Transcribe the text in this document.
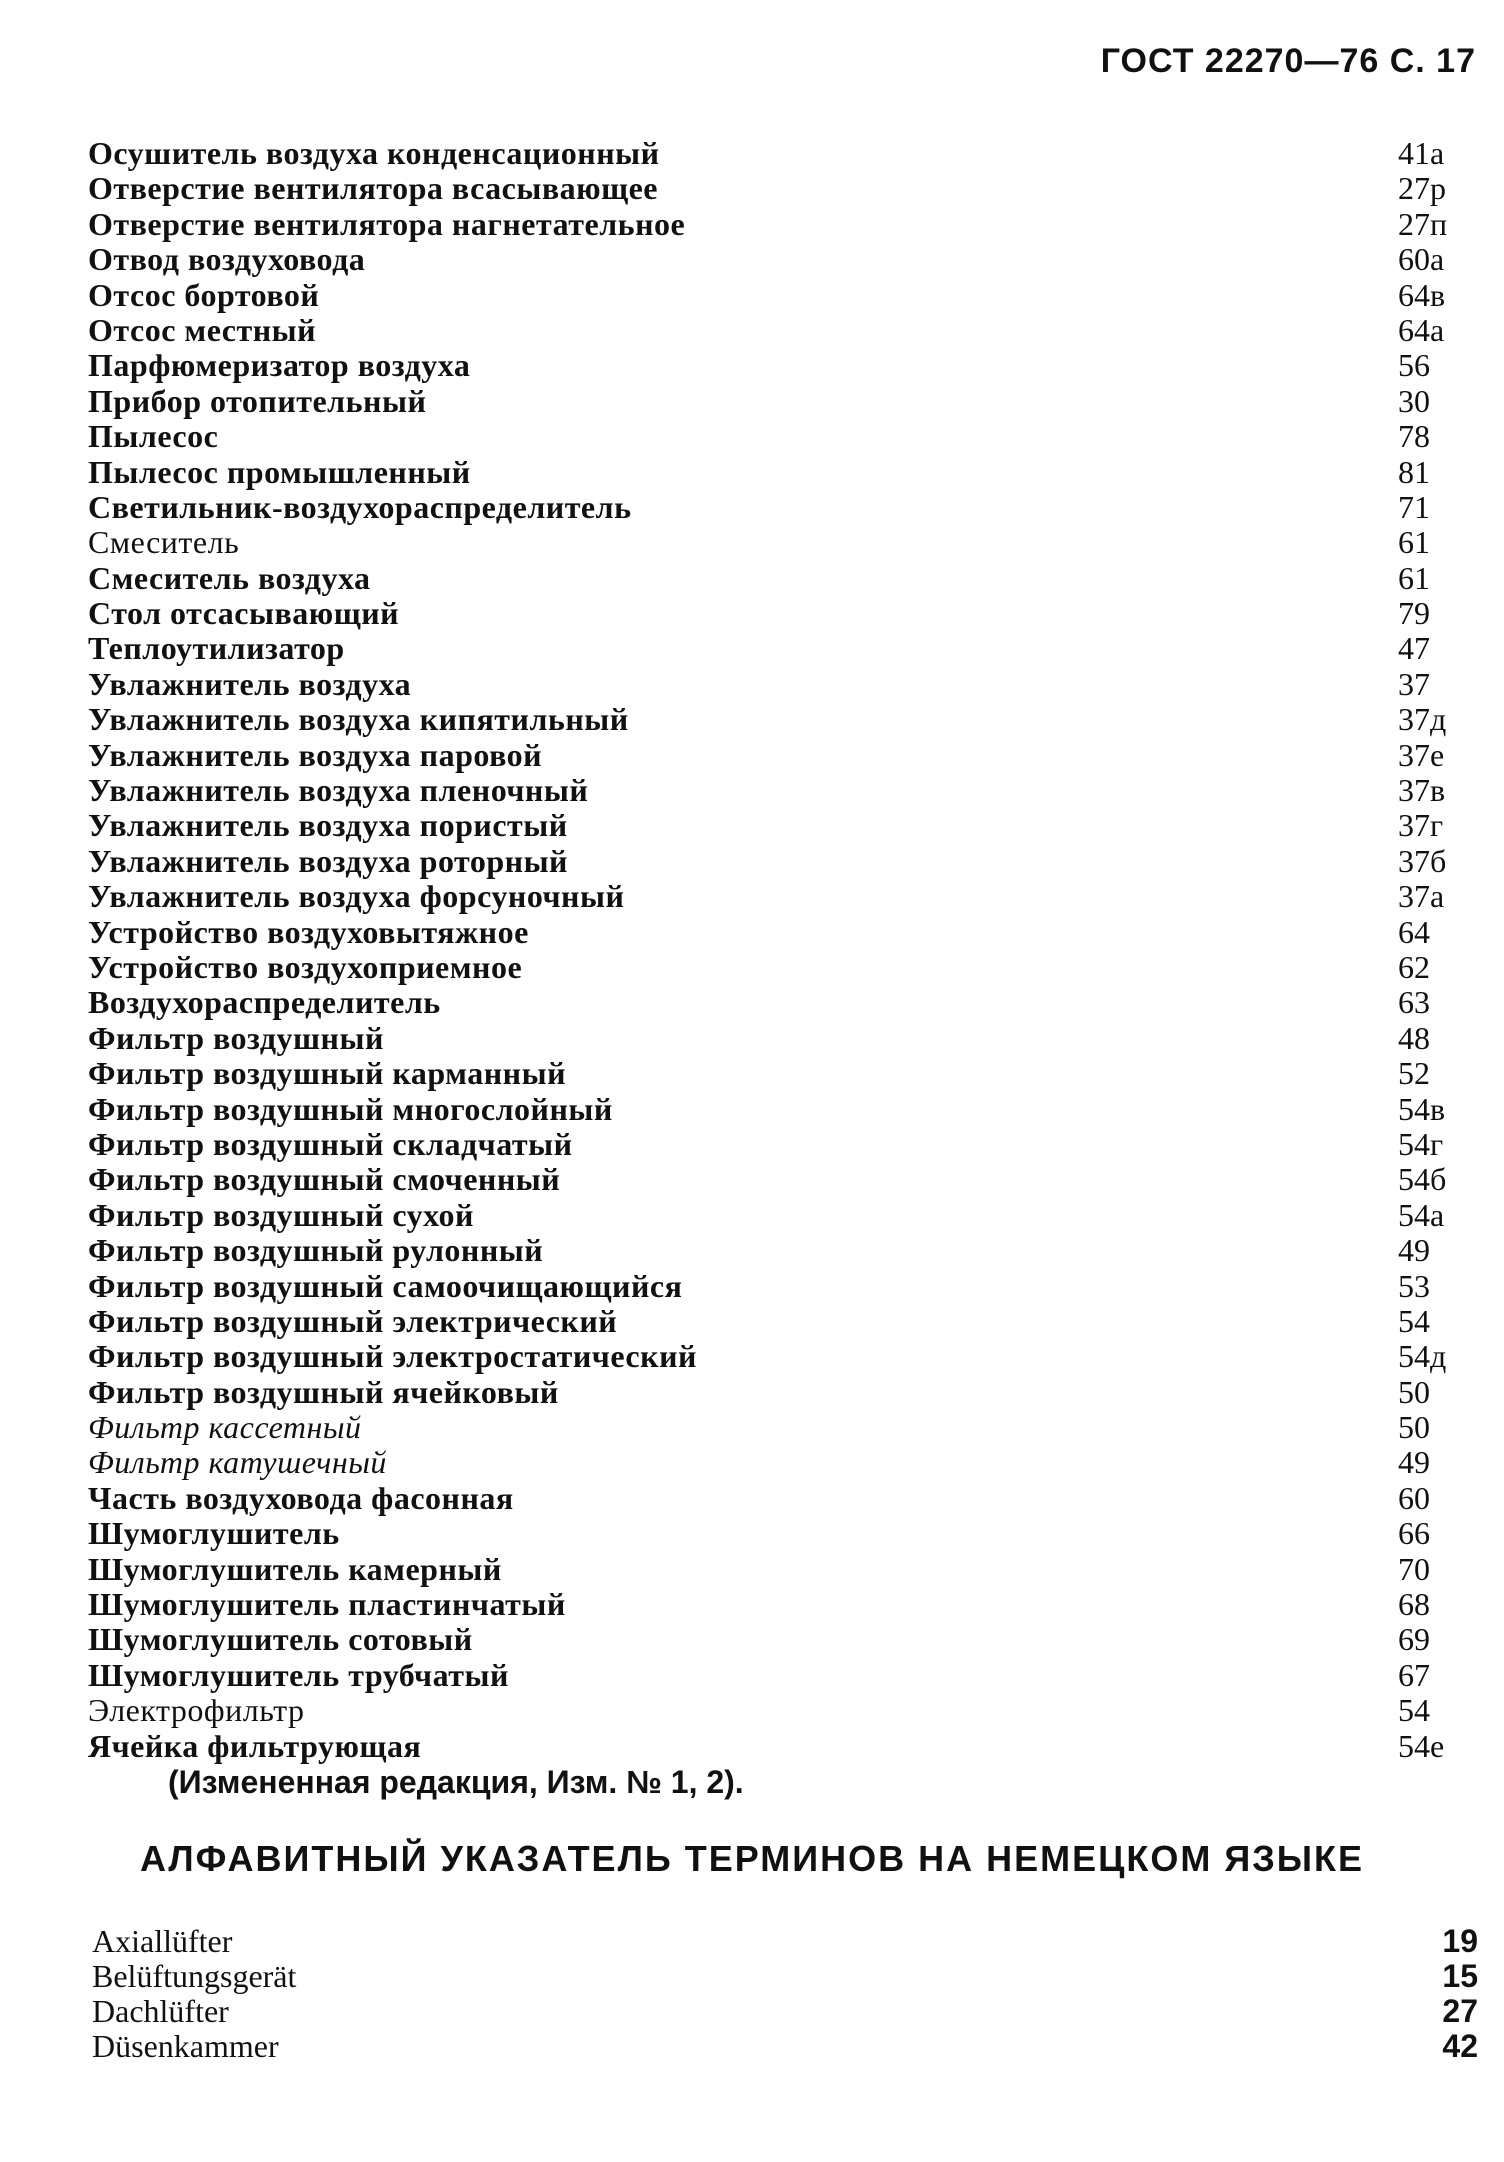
ГОСТ 22270—76 С. 17
Осушитель воздуха конденсационный	41а
Отверстие вентилятора всасывающее	27р
Отверстие вентилятора нагнетательное	27п
Отвод воздуховода	60а
Отсос бортовой	64в
Отсос местный	64а
Парфюмеризатор воздуха	56
Прибор отопительный	30
Пылесос	78
Пылесос промышленный	81
Светильник-воздухораспределитель	71
Смеситель	61
Смеситель воздуха	61
Стол отсасывающий	79
Теплоутилизатор	47
Увлажнитель воздуха	37
Увлажнитель воздуха кипятильный	37д
Увлажнитель воздуха паровой	37е
Увлажнитель воздуха пленочный	37в
Увлажнитель воздуха пористый	37г
Увлажнитель воздуха роторный	37б
Увлажнитель воздуха форсуночный	37а
Устройство воздуховытяжное	64
Устройство воздухоприемное	62
Воздухораспределитель	63
Фильтр воздушный	48
Фильтр воздушный карманный	52
Фильтр воздушный многослойный	54в
Фильтр воздушный складчатый	54г
Фильтр воздушный смоченный	54б
Фильтр воздушный сухой	54а
Фильтр воздушный рулонный	49
Фильтр воздушный самоочищающийся	53
Фильтр воздушный электрический	54
Фильтр воздушный электростатический	54д
Фильтр воздушный ячейковый	50
Фильтр кассетный	50
Фильтр катушечный	49
Часть воздуховода фасонная	60
Шумоглушитель	66
Шумоглушитель камерный	70
Шумоглушитель пластинчатый	68
Шумоглушитель сотовый	69
Шумоглушитель трубчатый	67
Электрофильтр	54
Ячейка фильтрующая	54е
(Измененная редакция, Изм. № 1, 2).
АЛФАВИТНЫЙ УКАЗАТЕЛЬ ТЕРМИНОВ НА НЕМЕЦКОМ ЯЗЫКЕ
Axiallüfter	19
Belüftungsgerät	15
Dachlüfter	27
Düsenkammer	42
